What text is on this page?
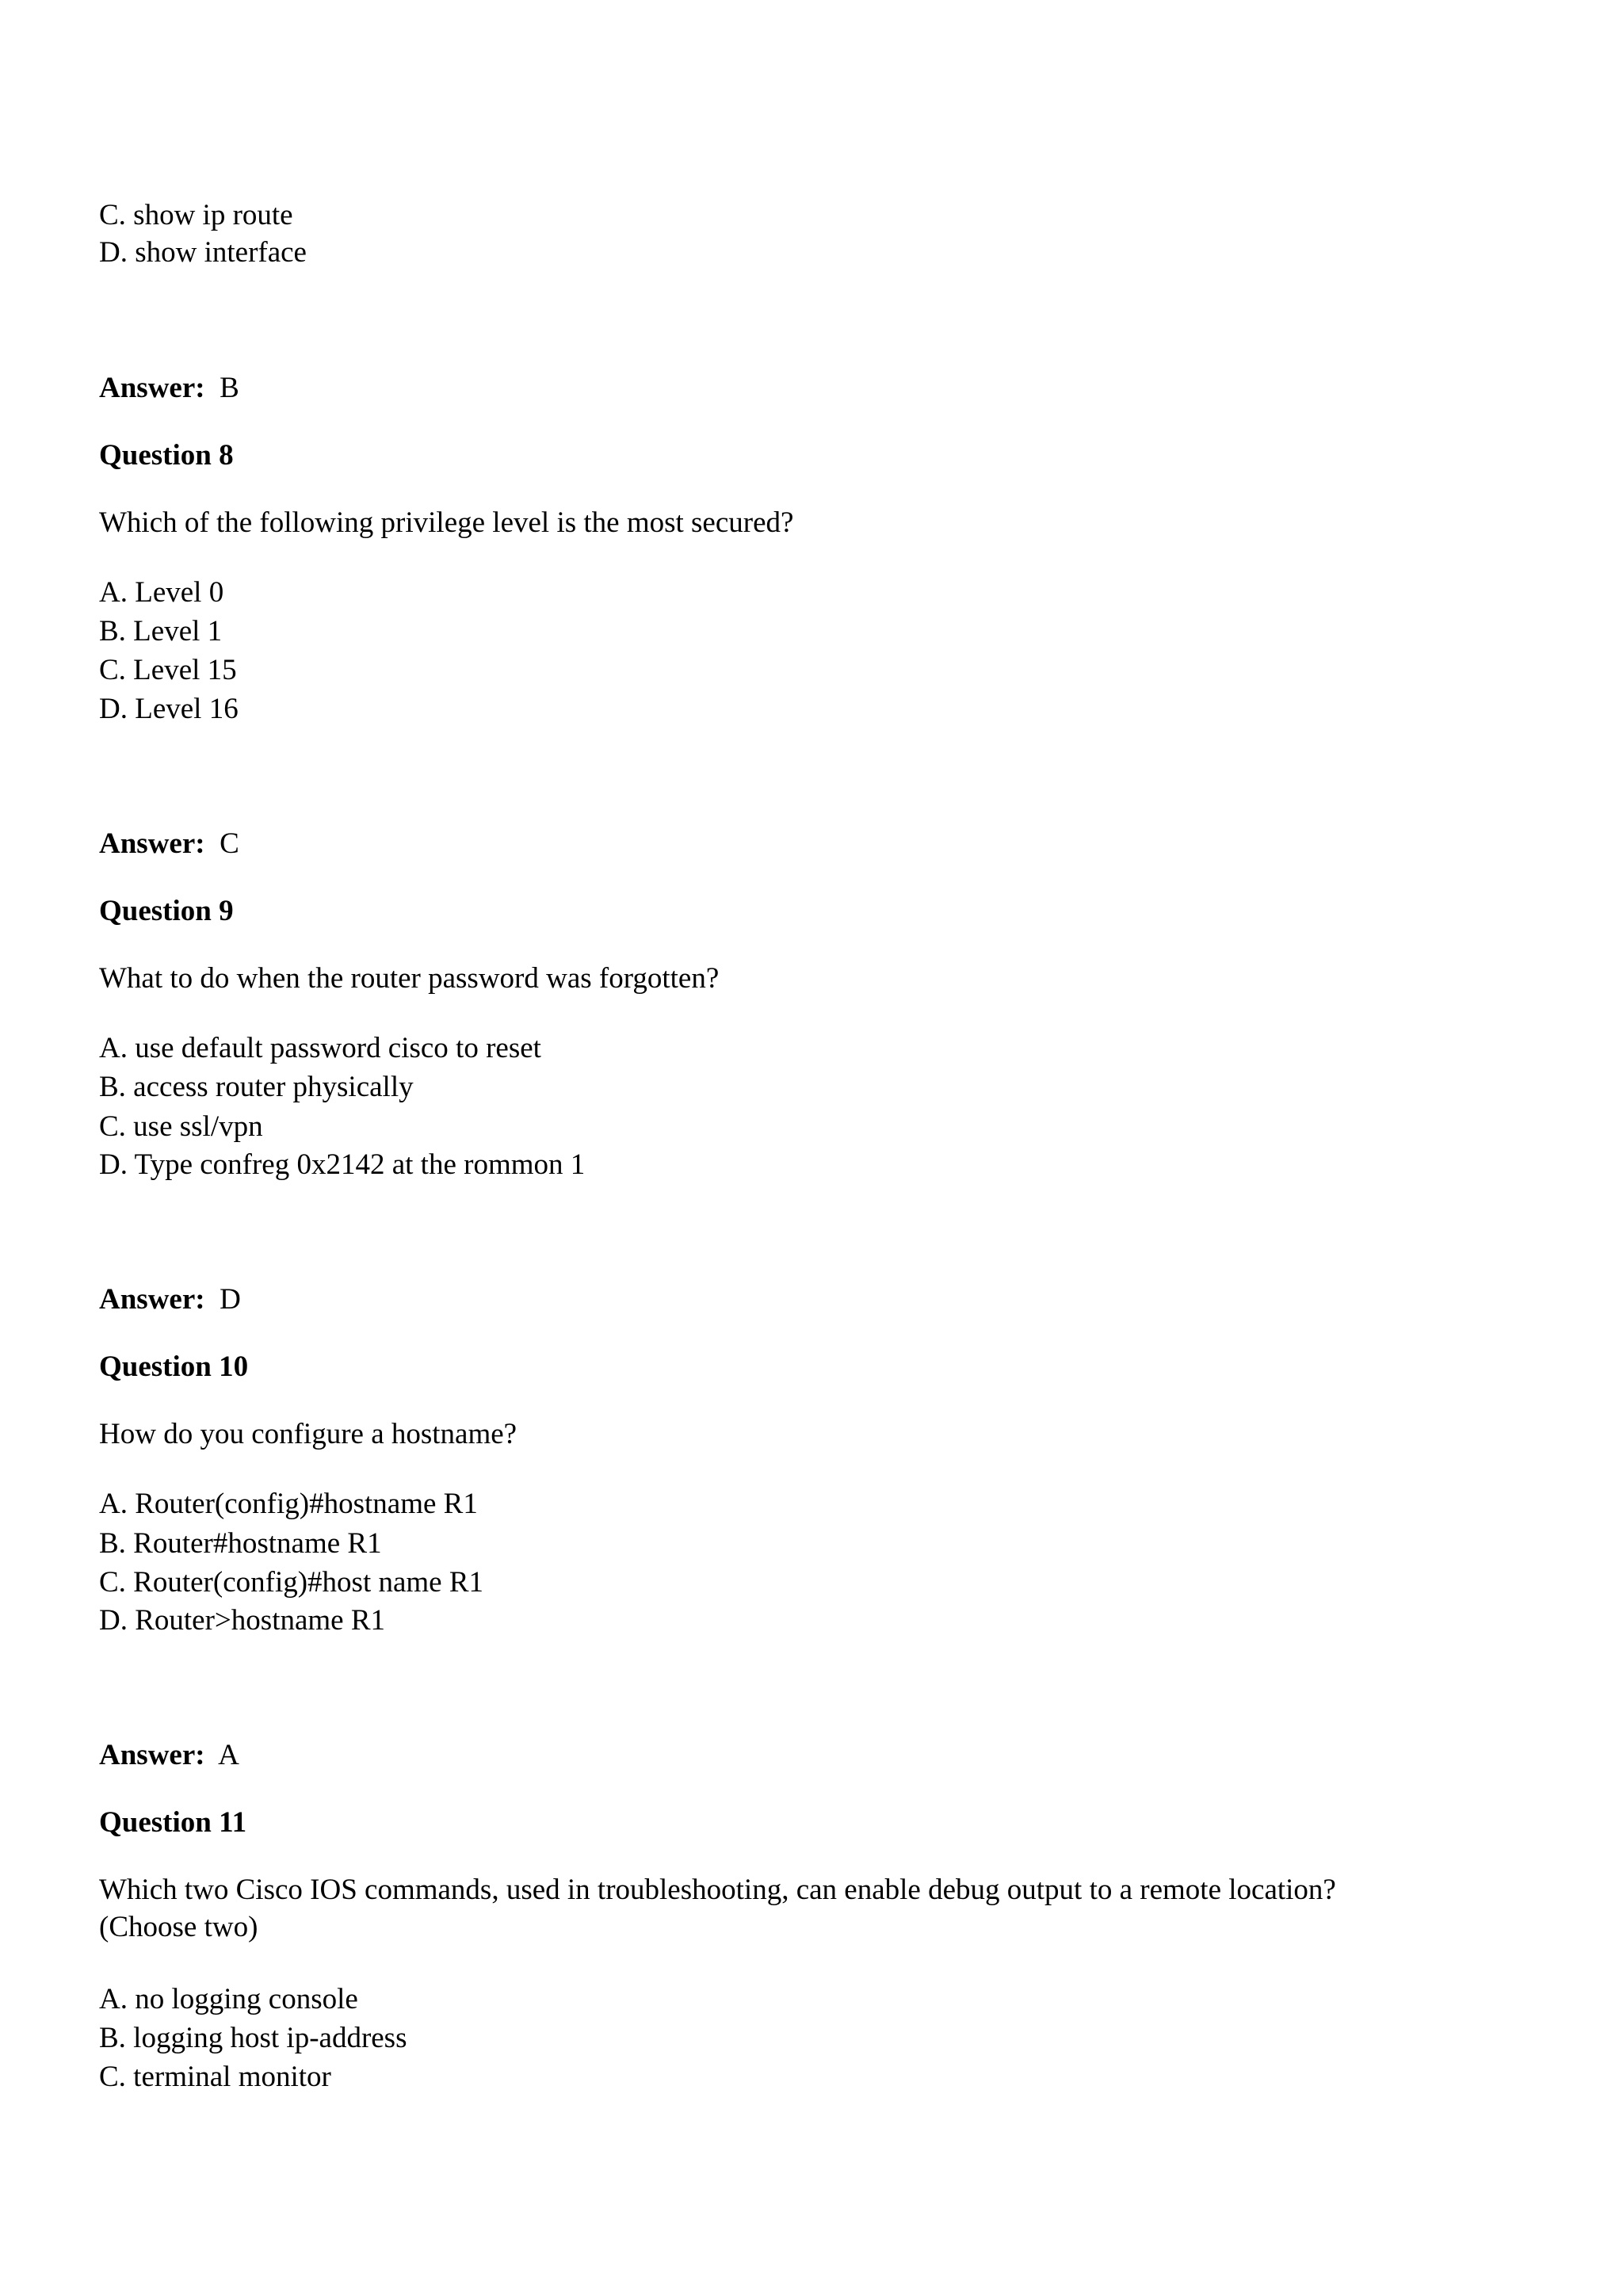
C. show ip route
D. show interface
Answer: B
Question 8
Which of the following privilege level is the most secured?
A. Level 0
B. Level 1
C. Level 15
D. Level 16
Answer: C
Question 9
What to do when the router password was forgotten?
A. use default password cisco to reset
B. access router physically
C. use ssl/vpn
D. Type confreg 0x2142 at the rommon 1
Answer: D
Question 10
How do you configure a hostname?
A. Router(config)#hostname R1
B. Router#hostname R1
C. Router(config)#host name R1
D. Router>hostname R1
Answer: A
Question 11
Which two Cisco IOS commands, used in troubleshooting, can enable debug output to a remote location?
(Choose two)
A. no logging console
B. logging host ip-address
C. terminal monitor
